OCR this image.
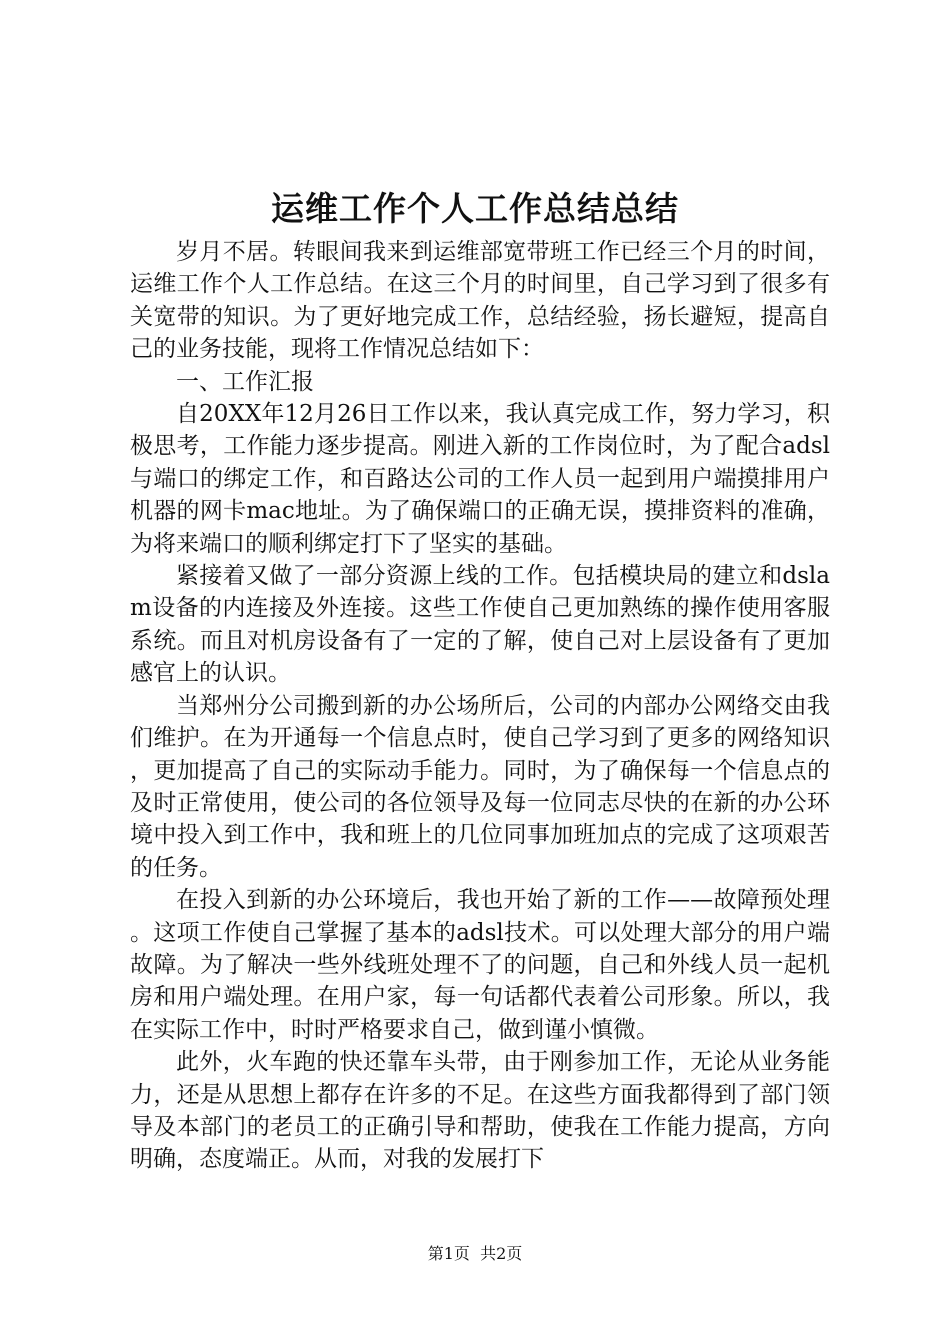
运维工作个人工作总结总结

岁月不居。转眼间我来到运维部宽带班工作已经三个月的时间，运维工作个人工作总结。在这三个月的时间里，自己学习到了很多有关宽带的知识。为了更好地完成工作，总结经验，扬长避短，提高自己的业务技能，现将工作情况总结如下：

一、工作汇报

自20XX年12月26日工作以来，我认真完成工作，努力学习，积极思考，工作能力逐步提高。刚进入新的工作岗位时，为了配合adsl与端口的绑定工作，和百路达公司的工作人员一起到用户端摸排用户机器的网卡mac地址。为了确保端口的正确无误，摸排资料的准确，为将来端口的顺利绑定打下了坚实的基础。

紧接着又做了一部分资源上线的工作。包括模块局的建立和dslam设备的内连接及外连接。这些工作使自己更加熟练的操作使用客服系统。而且对机房设备有了一定的了解，使自己对上层设备有了更加感官上的认识。

当郑州分公司搬到新的办公场所后，公司的内部办公网络交由我们维护。在为开通每一个信息点时，使自己学习到了更多的网络知识，更加提高了自己的实际动手能力。同时，为了确保每一个信息点的及时正常使用，使公司的各位领导及每一位同志尽快的在新的办公环境中投入到工作中，我和班上的几位同事加班加点的完成了这项艰苦的任务。

在投入到新的办公环境后，我也开始了新的工作——故障预处理。这项工作使自己掌握了基本的adsl技术。可以处理大部分的用户端故障。为了解决一些外线班处理不了的问题，自己和外线人员一起机房和用户端处理。在用户家，每一句话都代表着公司形象。所以，我在实际工作中，时时严格要求自己，做到谨小慎微。

此外，火车跑的快还靠车头带，由于刚参加工作，无论从业务能力，还是从思想上都存在许多的不足。在这些方面我都得到了部门领导及本部门的老员工的正确引导和帮助，使我在工作能力提高，方向明确，态度端正。从而，对我的发展打下

第1页  共2页
